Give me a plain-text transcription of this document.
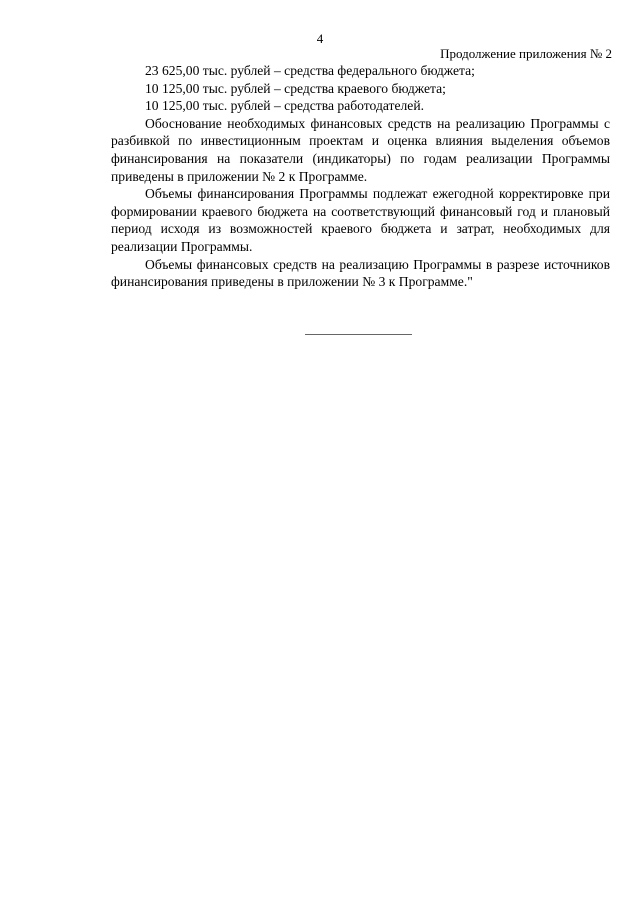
4
Продолжение приложения № 2
23 625,00 тыс. рублей – средства федерального бюджета;
10 125,00 тыс. рублей – средства краевого бюджета;
10 125,00 тыс. рублей – средства работодателей.

Обоснование необходимых финансовых средств на реализацию Программы с разбивкой по инвестиционным проектам и оценка влияния выделения объемов финансирования на показатели (индикаторы) по годам реализации Программы приведены в приложении № 2 к Программе.

Объемы финансирования Программы подлежат ежегодной корректировке при формировании краевого бюджета на соответствующий финансовый год и плановый период исходя из возможностей краевого бюджета и затрат, необходимых для реализации Программы.

Объемы финансовых средств на реализацию Программы в разрезе источников финансирования приведены в приложении № 3 к Программе."
